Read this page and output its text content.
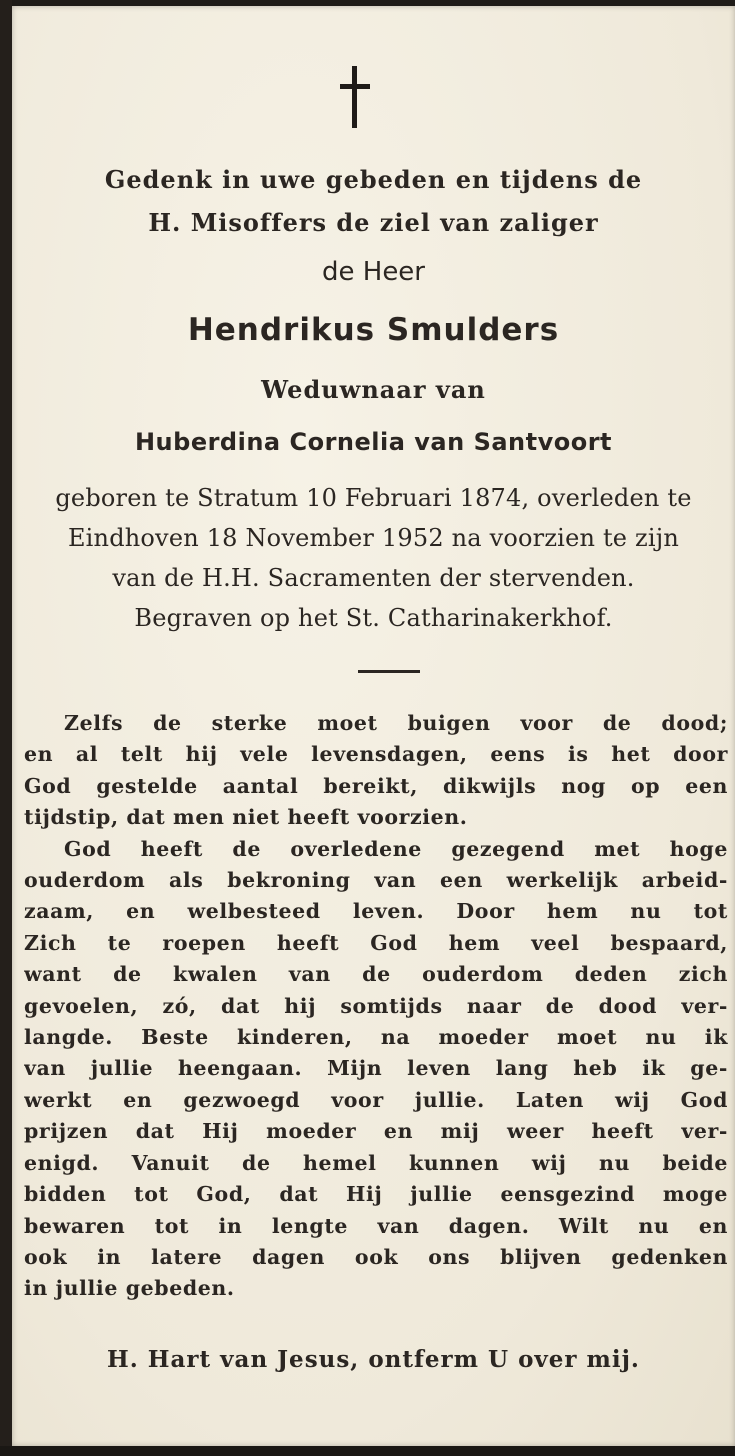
Gedenk in uwe gebeden en tijdens de
H. Misoffers de ziel van zaliger
de Heer
Hendrikus Smulders
Weduwnaar van
Huberdina Cornelia van Santvoort
geboren te Stratum 10 Februari 1874, overleden te
Eindhoven 18 November 1952 na voorzien te zijn
van de H.H. Sacramenten der stervenden.
Begraven op het St. Catharinakerkhof.
Zelfs de sterke moet buigen voor de dood;
en al telt hij vele levensdagen, eens is het door
God gestelde aantal bereikt, dikwijls nog op een
tijdstip, dat men niet heeft voorzien.
God heeft de overledene gezegend met hoge
ouderdom als bekroning van een werkelijk arbeid-
zaam, en welbesteed leven. Door hem nu tot
Zich te roepen heeft God hem veel bespaard,
want de kwalen van de ouderdom deden zich
gevoelen, zó, dat hij somtijds naar de dood ver-
langde. Beste kinderen, na moeder moet nu ik
van jullie heengaan. Mijn leven lang heb ik ge-
werkt en gezwoegd voor jullie. Laten wij God
prijzen dat Hij moeder en mij weer heeft ver-
enigd. Vanuit de hemel kunnen wij nu beide
bidden tot God, dat Hij jullie eensgezind moge
bewaren tot in lengte van dagen. Wilt nu en
ook in latere dagen ook ons blijven gedenken
in jullie gebeden.
H. Hart van Jesus, ontferm U over mij.
